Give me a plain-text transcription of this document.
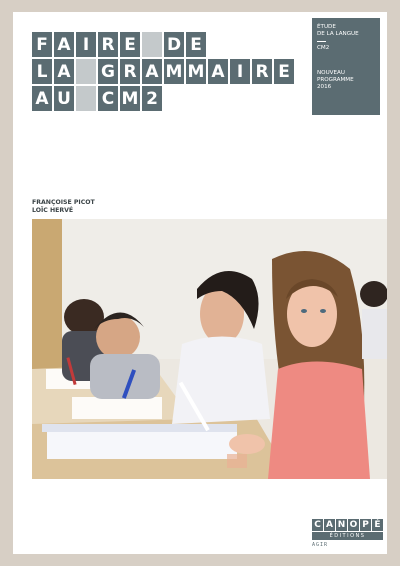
F A I R E D E
L A G R A M M A I R E
A U C M 2
ÉTUDE
DE LA LANGUE
CM2
NOUVEAU
PROGRAMME
2016
FRANÇOISE PICOT
LOÏC HERVÉ
C A N O P É
ÉDITIONS
AGIR
